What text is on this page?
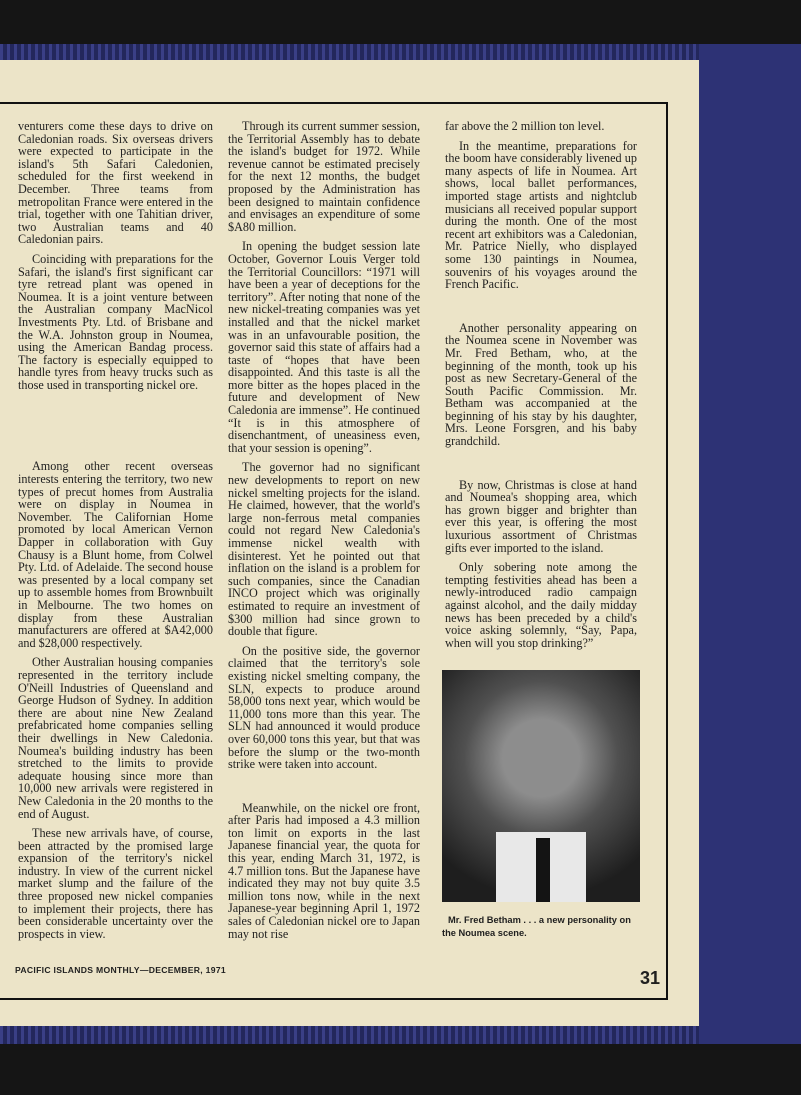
venturers come these days to drive on Caledonian roads. Six overseas drivers were expected to participate in the island's 5th Safari Caledonien, scheduled for the first weekend in December. Three teams from metropolitan France were entered in the trial, together with one Tahitian driver, two Australian teams and 40 Caledonian pairs.

Coinciding with preparations for the Safari, the island's first significant car tyre retread plant was opened in Noumea. It is a joint venture between the Australian company MacNicol Investments Pty. Ltd. of Brisbane and the W.A. Johnston group in Noumea, using the American Bandag process. The factory is especially equipped to handle tyres from heavy trucks such as those used in transporting nickel ore.

Among other recent overseas interests entering the territory, two new types of precut homes from Australia were on display in Noumea in November. The Californian Home promoted by local American Vernon Dapper in collaboration with Guy Chausy is a Blunt home, from Colwel Pty. Ltd. of Adelaide. The second house was presented by a local company set up to assemble homes from Brownbuilt in Melbourne. The two homes on display from these Australian manufacturers are offered at $A42,000 and $28,000 respectively.

Other Australian housing companies represented in the territory include O'Neill Industries of Queensland and George Hudson of Sydney. In addition there are about nine New Zealand prefabricated home companies selling their dwellings in New Caledonia. Noumea's building industry has been stretched to the limits to provide adequate housing since more than 10,000 new arrivals were registered in New Caledonia in the 20 months to the end of August.

These new arrivals have, of course, been attracted by the promised large expansion of the territory's nickel industry. In view of the current nickel market slump and the failure of the three proposed new nickel companies to implement their projects, there has been considerable uncertainty over the prospects in view.

Through its current summer session, the Territorial Assembly has to debate the island's budget for 1972. While revenue cannot be estimated precisely for the next 12 months, the budget proposed by the Administration has been designed to maintain confidence and envisages an expenditure of some $A80 million.

In opening the budget session late October, Governor Louis Verger told the Territorial Councillors: “1971 will have been a year of deceptions for the territory”. After noting that none of the new nickel-treating companies was yet installed and that the nickel market was in an unfavourable position, the governor said this state of affairs had a taste of “hopes that have been disappointed. And this taste is all the more bitter as the hopes placed in the future and development of New Caledonia are immense”. He continued “It is in this atmosphere of disenchantment, of uneasiness even, that your session is opening”.

The governor had no significant new developments to report on new nickel smelting projects for the island. He claimed, however, that the world's large non-ferrous metal companies could not regard New Caledonia's immense nickel wealth with disinterest. Yet he pointed out that inflation on the island is a problem for such companies, since the Canadian INCO project which was originally estimated to require an investment of $300 million had since grown to double that figure.

On the positive side, the governor claimed that the territory's sole existing nickel smelting company, the SLN, expects to produce around 58,000 tons next year, which would be 11,000 tons more than this year. The SLN had announced it would produce over 60,000 tons this year, but that was before the slump or the two-month strike were taken into account.

Meanwhile, on the nickel ore front, after Paris had imposed a 4.3 million ton limit on exports in the last Japanese financial year, the quota for this year, ending March 31, 1972, is 4.7 million tons. But the Japanese have indicated they may not buy quite 3.5 million tons now, while in the next Japanese-year beginning April 1, 1972 sales of Caledonian nickel ore to Japan may not rise

far above the 2 million ton level.

In the meantime, preparations for the boom have considerably livened up many aspects of life in Noumea. Art shows, local ballet performances, imported stage artists and nightclub musicians all received popular support during the month. One of the most recent art exhibitors was a Caledonian, Mr. Patrice Nielly, who displayed some 130 paintings in Noumea, souvenirs of his voyages around the French Pacific.

Another personality appearing on the Noumea scene in November was Mr. Fred Betham, who, at the beginning of the month, took up his post as new Secretary-General of the South Pacific Commission. Mr. Betham was accompanied at the beginning of his stay by his daughter, Mrs. Leone Forsgren, and his baby grandchild.

By now, Christmas is close at hand and Noumea's shopping area, which has grown bigger and brighter than ever this year, is offering the most luxurious assortment of Christmas gifts ever imported to the island.

Only sobering note among the tempting festivities ahead has been a newly-introduced radio campaign against alcohol, and the daily midday news has been preceded by a child's voice asking solemnly, “Say, Papa, when will you stop drinking?”

Mr. Fred Betham . . . a new personality on the Noumea scene.
PACIFIC ISLANDS MONTHLY—DECEMBER, 1971	31
